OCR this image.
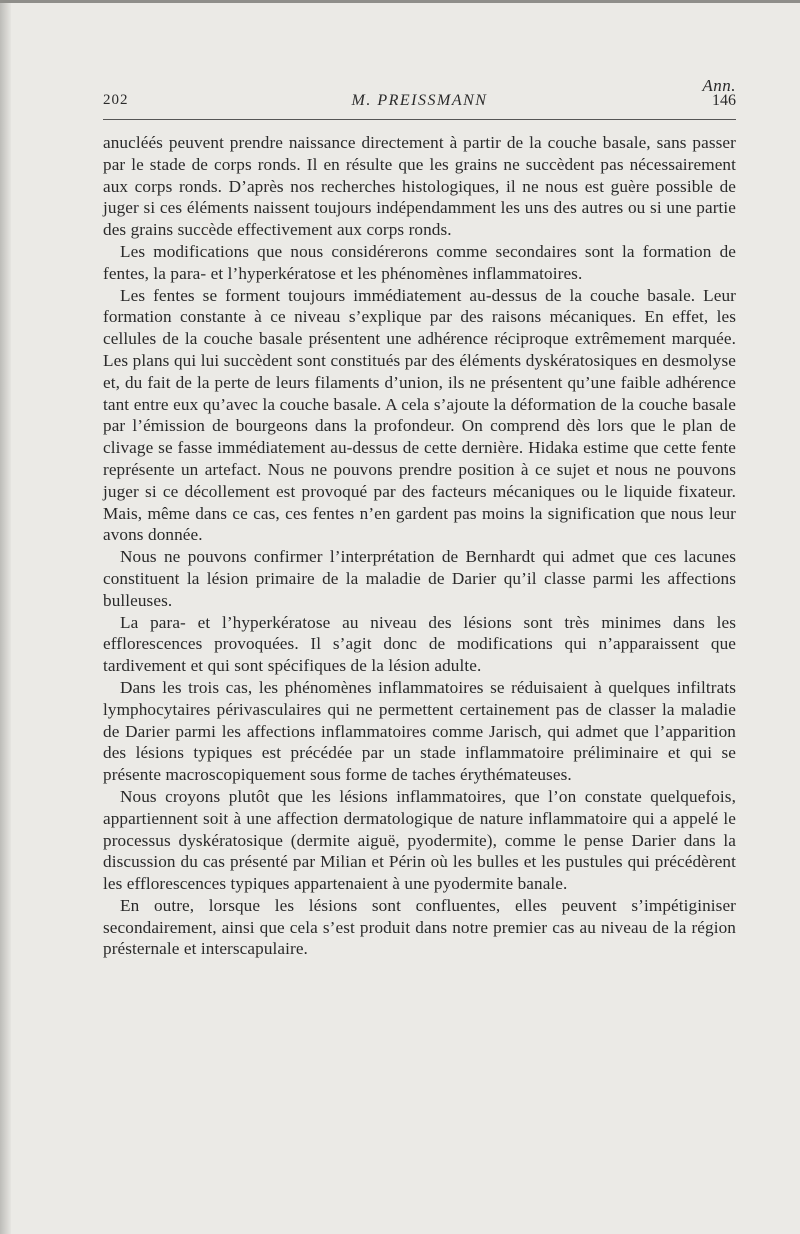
Ann.
202	M. PREISSMANN	146

anucléés peuvent prendre naissance directement à partir de la couche basale, sans passer par le stade de corps ronds. Il en résulte que les grains ne succèdent pas nécessairement aux corps ronds. D’après nos recherches histologiques, il ne nous est guère possible de juger si ces éléments naissent toujours indépendamment les uns des autres ou si une partie des grains succède effectivement aux corps ronds.

Les modifications que nous considérerons comme secondaires sont la formation de fentes, la para- et l’hyperkératose et les phénomènes inflammatoires.

Les fentes se forment toujours immédiatement au-dessus de la couche basale. Leur formation constante à ce niveau s’explique par des raisons mécaniques. En effet, les cellules de la couche basale présentent une adhérence réciproque extrêmement marquée. Les plans qui lui succèdent sont constitués par des éléments dyskératosiques en desmolyse et, du fait de la perte de leurs filaments d’union, ils ne présentent qu’une faible adhérence tant entre eux qu’avec la couche basale. A cela s’ajoute la déformation de la couche basale par l’émission de bourgeons dans la profondeur. On comprend dès lors que le plan de clivage se fasse immédiatement au-dessus de cette dernière. Hidaka estime que cette fente représente un artefact. Nous ne pouvons prendre position à ce sujet et nous ne pouvons juger si ce décollement est provoqué par des facteurs mécaniques ou le liquide fixateur. Mais, même dans ce cas, ces fentes n’en gardent pas moins la signification que nous leur avons donnée.

Nous ne pouvons confirmer l’interprétation de Bernhardt qui admet que ces lacunes constituent la lésion primaire de la maladie de Darier qu’il classe parmi les affections bulleuses.

La para- et l’hyperkératose au niveau des lésions sont très minimes dans les efflorescences provoquées. Il s’agit donc de modifications qui n’apparaissent que tardivement et qui sont spécifiques de la lésion adulte.

Dans les trois cas, les phénomènes inflammatoires se réduisaient à quelques infiltrats lymphocytaires périvasculaires qui ne permettent certainement pas de classer la maladie de Darier parmi les affections inflammatoires comme Jarisch, qui admet que l’apparition des lésions typiques est précédée par un stade inflammatoire préliminaire et qui se présente macroscopiquement sous forme de taches érythémateuses.

Nous croyons plutôt que les lésions inflammatoires, que l’on constate quelquefois, appartiennent soit à une affection dermatologique de nature inflammatoire qui a appelé le processus dyskératosique (dermite aiguë, pyodermite), comme le pense Darier dans la discussion du cas présenté par Milian et Périn où les bulles et les pustules qui précédèrent les efflorescences typiques appartenaient à une pyodermite banale.

En outre, lorsque les lésions sont confluentes, elles peuvent s’impétiginiser secondairement, ainsi que cela s’est produit dans notre premier cas au niveau de la région présternale et interscapulaire.
